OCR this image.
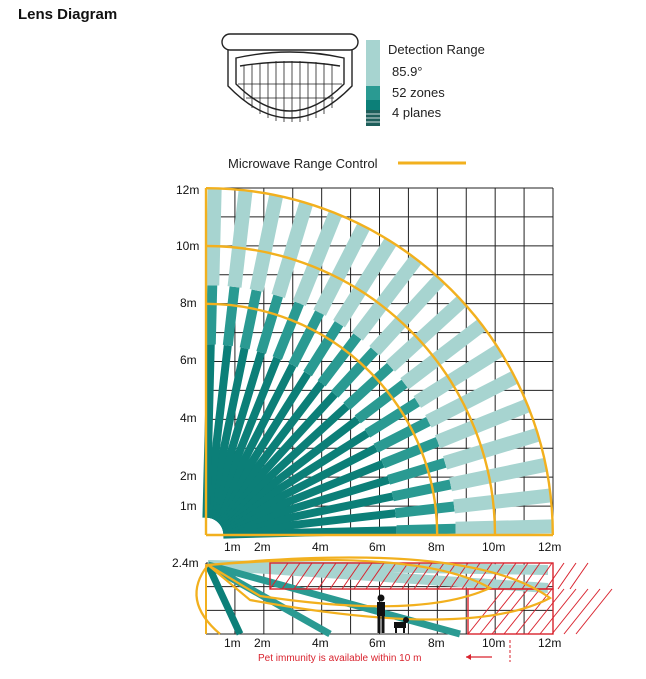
Lens Diagram
Detection Range
85.9°
52 zones
4 planes
Microwave Range Control
12m
10m
8m
6m
4m
2m
1m
1m 2m	4m	6m	8m	10m	12m
2.4m
1m 2m	4m	6m	8m	10m	12m
Pet immunity is available within 10 m
